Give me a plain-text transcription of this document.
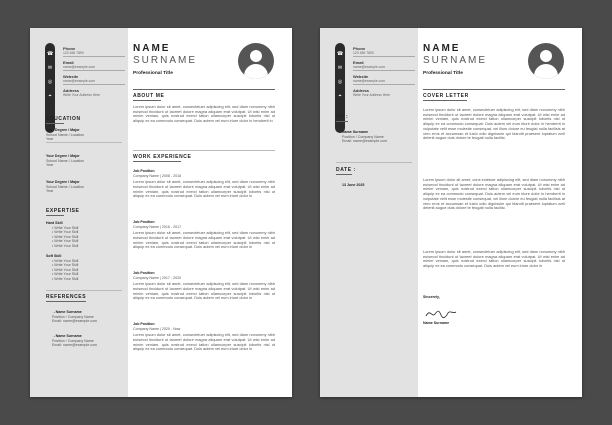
☎
✉
◎
⌖
Phone
123 456 7890
Email
name@example.com
Website
name@example.com
Address
Write Your Address Here
EDUCATION
Your Degree / Major
School Name / Location
Year
Your Degree / Major
School Name / Location
Year
Your Degree / Major
School Name / Location
Year
EXPERTISE
Hard Skill
• Write Your Skill
• Write Your Skill
• Write Your Skill
• Write Your Skill
• Write Your Skill
Soft Skill
• Write Your Skill
• Write Your Skill
• Write Your Skill
• Write Your Skill
• Write Your Skill
REFERENCES
→Name Surname
Position / Company Name
Email: name@example.com
→Name Surname
Position / Company Name
Email: name@example.com
NAME
SURNAME
Professional Title
ABOUT ME
Lorem ipsum dolor sit amet, consectetuer adipiscing elit, sed diam nonummy nibh euismod tincidunt ut laoreet dolore magna aliquam erat volutpat. Ut wisi enim ad minim veniam, quis nostrud exerci tation ullamcorper suscipit lobortis nisl ut aliquip ex ea commodo consequat. Duis autem vel eum iriure dolor in hendrerit in
WORK EXPERIENCE
Job Position
Company Name | 2008 - 2016
Lorem ipsum dolor sit amet, consectetuer adipiscing elit, sed diam nonummy nibh euismod tincidunt ut laoreet dolore magna aliquam erat volutpat. Ut wisi enim ad minim veniam, quis nostrud exerci tation ullamcorper suscipit lobortis nisl ut aliquip ex ea commodo consequat. Duis autem vel eum iriure dolor in
Job Position
Company Name | 2016 - 2017
Lorem ipsum dolor sit amet, consectetuer adipiscing elit, sed diam nonummy nibh euismod tincidunt ut laoreet dolore magna aliquam erat volutpat. Ut wisi enim ad minim veniam, quis nostrud exerci tation ullamcorper suscipit lobortis nisl ut aliquip ex ea commodo consequat. Duis autem vel eum iriure dolor in
Job Position
Company Name | 2017 - 2020
Lorem ipsum dolor sit amet, consectetuer adipiscing elit, sed diam nonummy nibh euismod tincidunt ut laoreet dolore magna aliquam erat volutpat. Ut wisi enim ad minim veniam, quis nostrud exerci tation ullamcorper suscipit lobortis nisl ut aliquip ex ea commodo consequat. Duis autem vel eum iriure dolor in
Job Position
Company Name | 2020 - Now
Lorem ipsum dolor sit amet, consectetuer adipiscing elit, sed diam nonummy nibh euismod tincidunt ut laoreet dolore magna aliquam erat volutpat. Ut wisi enim ad minim veniam, quis nostrud exerci tation ullamcorper suscipit lobortis nisl ut aliquip ex ea commodo consequat. Duis autem vel eum iriure dolor in
☎
✉
◎
⌖
Phone
123 456 7890
Email
name@example.com
Website
name@example.com
Address
Write Your Address Here
TO :
Name Surname
Position / Company Name
Email: name@example.com
DATE :
13 June 2025
NAME
SURNAME
Professional Title
COVER LETTER
Lorem ipsum dolor sit amet, consectetuer adipiscing elit, sed diam nonummy nibh euismod tincidunt ut laoreet dolore magna aliquam erat volutpat. Ut wisi enim ad minim veniam, quis nostrud exerci tation ullamcorper suscipit lobortis nisl ut aliquip ex ea commodo consequat. Duis autem vel eum iriure dolor in hendrerit in vulputate velit esse molestie consequat, vel illum dolore eu feugiat nulla facilisis at vero eros et accumsan et iusto odio dignissim qui blandit praesent luptatum zzril delenit augue duis dolore te feugait nulla facilisi.
Lorem ipsum dolor sit amet, cons ectetuer adipiscing elit, sed diam nonummy nibh euismod tincidunt ut laoreet dolore magna aliquam erat volutpat. Ut wisi enim ad minim veniam, quis nostrud exerci tation ullamcorper suscipit lobortis nisl ut aliquip ex ea commodo consequat. Duis autem vel eum iriure dolor in hendrerit in vulputate velit esse molestie consequat, vel illum dolore eu feugiat nulla facilisis at vero eros et accumsan et iusto odio dignissim qui blandit praesent luptatum zzril delenit augue duis dolore te feugait nulla facilisi.
Lorem ipsum dolor sit amet, consectetuer adipiscing elit, sed diam nonummy nibh euismod tincidunt ut laoreet dolore magna aliquam erat volutpat. Ut wisi enim ad minim veniam, quis nostrud exerci tation ullamcorper suscipit lobortis nisl ut aliquip ex ea commodo consequat. Duis autem vel eum iriure dolor in
Sincerely,
Name Surname
